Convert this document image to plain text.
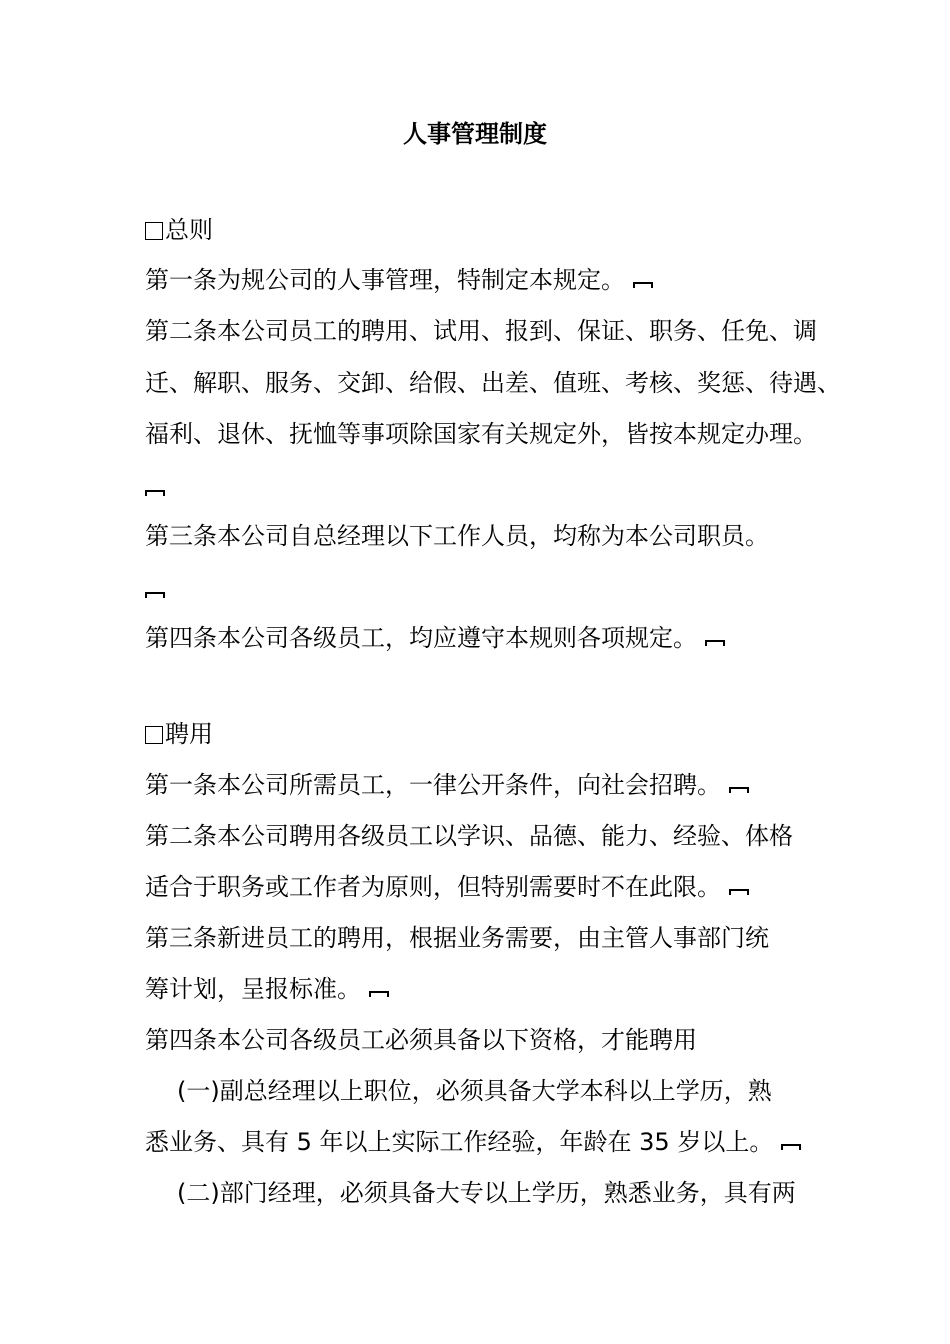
人事管理制度
总则
第一条为规公司的人事管理，特制定本规定。
第二条本公司员工的聘用、试用、报到、保证、职务、任免、调
迁、解职、服务、交卸、给假、出差、值班、考核、奖惩、待遇、
福利、退休、抚恤等事项除国家有关规定外，皆按本规定办理。
第三条本公司自总经理以下工作人员，均称为本公司职员。
第四条本公司各级员工，均应遵守本规则各项规定。
聘用
第一条本公司所需员工，一律公开条件，向社会招聘。
第二条本公司聘用各级员工以学识、品德、能力、经验、体格
适合于职务或工作者为原则，但特别需要时不在此限。
第三条新进员工的聘用，根据业务需要，由主管人事部门统
筹计划，呈报标准。
第四条本公司各级员工必须具备以下资格，才能聘用
(一)副总经理以上职位，必须具备大学本科以上学历，熟
悉业务、具有 5 年以上实际工作经验，年龄在 35 岁以上。
(二)部门经理，必须具备大专以上学历，熟悉业务，具有两
